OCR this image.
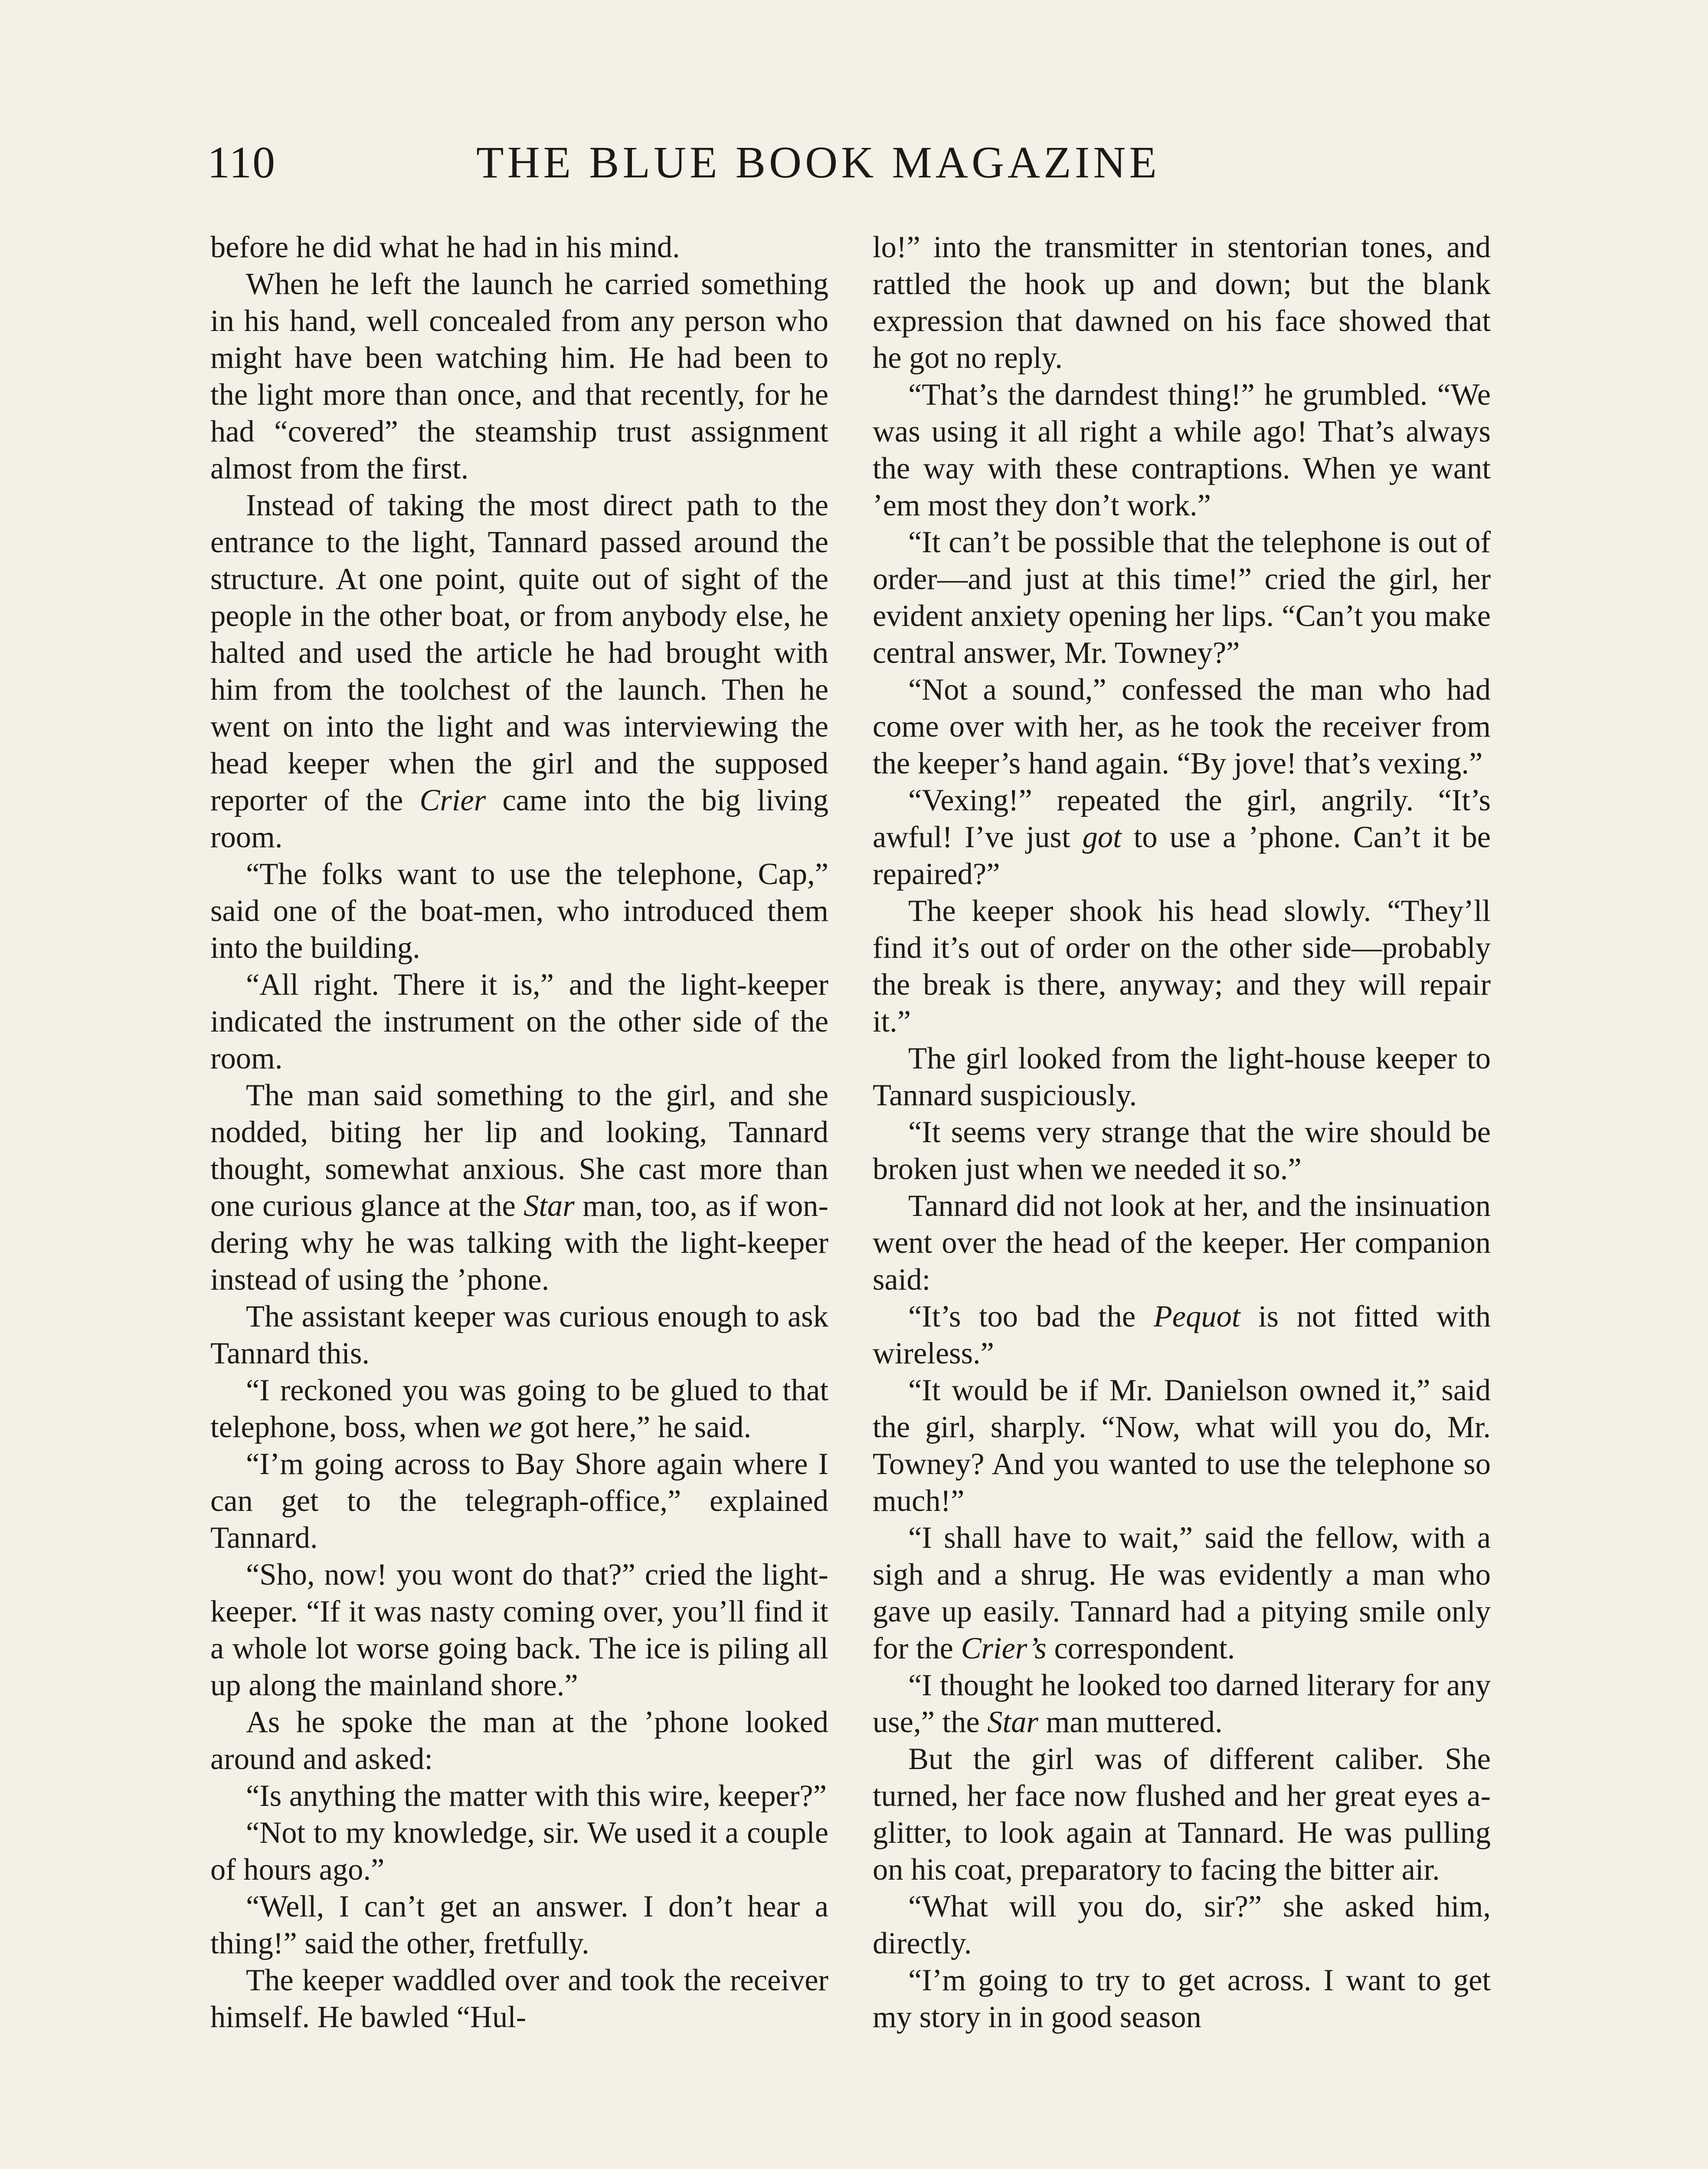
110	THE BLUE BOOK MAGAZINE

before he did what he had in his mind.

When he left the launch he carried something in his hand, well concealed from any person who might have been watching him. He had been to the light more than once, and that recently, for he had “covered” the steamship trust assignment almost from the first.

Instead of taking the most direct path to the entrance to the light, Tannard passed around the structure. At one point, quite out of sight of the people in the other boat, or from anybody else, he halted and used the article he had brought with him from the toolchest of the launch. Then he went on into the light and was interviewing the head keeper when the girl and the supposed reporter of the Crier came into the big living room.

“The folks want to use the telephone, Cap,” said one of the boat-men, who introduced them into the building.

“All right. There it is,” and the light-keeper indicated the instrument on the other side of the room.

The man said something to the girl, and she nodded, biting her lip and looking, Tannard thought, somewhat anxious. She cast more than one curious glance at the Star man, too, as if wondering why he was talking with the light-keeper instead of using the ’phone.

The assistant keeper was curious enough to ask Tannard this.

“I reckoned you was going to be glued to that telephone, boss, when we got here,” he said.

“I’m going across to Bay Shore again where I can get to the telegraph-office,” explained Tannard.

“Sho, now! you wont do that?” cried the light-keeper. “If it was nasty coming over, you’ll find it a whole lot worse going back. The ice is piling all up along the mainland shore.”

As he spoke the man at the ’phone looked around and asked:

“Is anything the matter with this wire, keeper?”

“Not to my knowledge, sir. We used it a couple of hours ago.”

“Well, I can’t get an answer. I don’t hear a thing!” said the other, fretfully.

The keeper waddled over and took the receiver himself. He bawled “Hul-

lo!” into the transmitter in stentorian tones, and rattled the hook up and down; but the blank expression that dawned on his face showed that he got no reply.

“That’s the darndest thing!” he grumbled. “We was using it all right a while ago! That’s always the way with these contraptions. When ye want ’em most they don’t work.”

“It can’t be possible that the telephone is out of order—and just at this time!” cried the girl, her evident anxiety opening her lips. “Can’t you make central answer, Mr. Towney?”

“Not a sound,” confessed the man who had come over with her, as he took the receiver from the keeper’s hand again. “By jove! that’s vexing.”

“Vexing!” repeated the girl, angrily. “It’s awful! I’ve just got to use a ’phone. Can’t it be repaired?”

The keeper shook his head slowly. “They’ll find it’s out of order on the other side—probably the break is there, anyway; and they will repair it.”

The girl looked from the light-house keeper to Tannard suspiciously.

“It seems very strange that the wire should be broken just when we needed it so.”

Tannard did not look at her, and the insinuation went over the head of the keeper. Her companion said:

“It’s too bad the Pequot is not fitted with wireless.”

“It would be if Mr. Danielson owned it,” said the girl, sharply. “Now, what will you do, Mr. Towney? And you wanted to use the telephone so much!”

“I shall have to wait,” said the fellow, with a sigh and a shrug. He was evidently a man who gave up easily. Tannard had a pitying smile only for the Crier’s correspondent.

“I thought he looked too darned literary for any use,” the Star man muttered.

But the girl was of different caliber. She turned, her face now flushed and her great eyes a-glitter, to look again at Tannard. He was pulling on his coat, preparatory to facing the bitter air.

“What will you do, sir?” she asked him, directly.

“I’m going to try to get across. I want to get my story in in good season
